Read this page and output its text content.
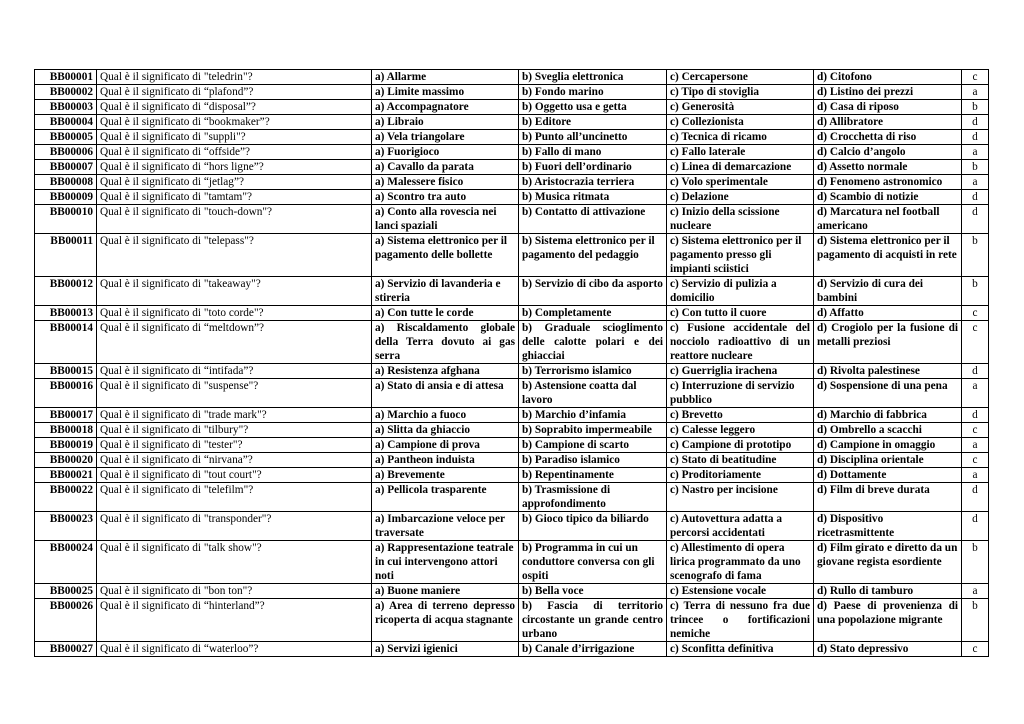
BB00001	Qual è il significato di "teledrin"?	a) Allarme	b) Sveglia elettronica	c) Cercapersone	d) Citofono	c
BB00002	Qual è il significato di “plafond”?	a) Limite massimo	b) Fondo marino	c) Tipo di stoviglia	d) Listino dei prezzi	a
BB00003	Qual è il significato di “disposal”?	a) Accompagnatore	b) Oggetto usa e getta	c) Generosità	d) Casa di riposo	b
BB00004	Qual è il significato di “bookmaker”?	a) Libraio	b) Editore	c) Collezionista	d) Allibratore	d
BB00005	Qual è il significato di "suppli"?	a) Vela triangolare	b) Punto all’uncinetto	c) Tecnica di ricamo	d) Crocchetta di riso	d
BB00006	Qual è il significato di “offside”?	a) Fuorigioco	b) Fallo di mano	c) Fallo laterale	d) Calcio d’angolo	a
BB00007	Qual è il significato di “hors ligne”?	a) Cavallo da parata	b) Fuori dell’ordinario	c) Linea di demarcazione	d) Assetto normale	b
BB00008	Qual è il significato di “jetlag”?	a) Malessere fisico	b) Aristocrazia terriera	c) Volo sperimentale	d) Fenomeno astronomico	a
BB00009	Qual è il significato di "tamtam"?	a) Scontro tra auto	b) Musica ritmata	c) Delazione	d) Scambio di notizie	d
BB00010	Qual è il significato di "touch-down"?	a) Conto alla rovescia nei lanci spaziali	b) Contatto di attivazione	c) Inizio della scissione nucleare	d) Marcatura nel football americano	d
BB00011	Qual è il significato di "telepass"?	a) Sistema elettronico per il pagamento delle bollette	b) Sistema elettronico per il pagamento del pedaggio	c) Sistema elettronico per il pagamento presso gli impianti sciistici	d) Sistema elettronico per il pagamento di acquisti in rete	b
BB00012	Qual è il significato di "takeaway"?	a) Servizio di lavanderia e stireria	b) Servizio di cibo da asporto	c) Servizio di pulizia a domicilio	d) Servizio di cura dei bambini	b
BB00013	Qual è il significato di "toto corde"?	a) Con tutte le corde	b) Completamente	c) Con tutto il cuore	d) Affatto	c
BB00014	Qual è il significato di “meltdown”?	a) Riscaldamento globale della Terra dovuto ai gas serra	b) Graduale scioglimento delle calotte polari e dei ghiacciai	c) Fusione accidentale del nocciolo radioattivo di un reattore nucleare	d) Crogiolo per la fusione di metalli preziosi	c
BB00015	Qual è il significato di “intifada”?	a) Resistenza afghana	b) Terrorismo islamico	c) Guerriglia irachena	d) Rivolta palestinese	d
BB00016	Qual è il significato di "suspense"?	a) Stato di ansia e di attesa	b) Astensione coatta dal lavoro	c) Interruzione di servizio pubblico	d) Sospensione di una pena	a
BB00017	Qual è il significato di "trade mark"?	a) Marchio a fuoco	b) Marchio d’infamia	c) Brevetto	d) Marchio di fabbrica	d
BB00018	Qual è il significato di "tilbury"?	a) Slitta da ghiaccio	b) Soprabito impermeabile	c) Calesse leggero	d) Ombrello a scacchi	c
BB00019	Qual è il significato di "tester"?	a) Campione di prova	b) Campione di scarto	c) Campione di prototipo	d) Campione in omaggio	a
BB00020	Qual è il significato di “nirvana”?	a) Pantheon induista	b) Paradiso islamico	c) Stato di beatitudine	d) Disciplina orientale	c
BB00021	Qual è il significato di "tout court"?	a) Brevemente	b) Repentinamente	c) Proditoriamente	d) Dottamente	a
BB00022	Qual è il significato di "telefilm"?	a) Pellicola trasparente	b) Trasmissione di approfondimento	c) Nastro per incisione	d) Film di breve durata	d
BB00023	Qual è il significato di "transponder"?	a) Imbarcazione veloce per traversate	b) Gioco tipico da biliardo	c) Autovettura adatta a percorsi accidentati	d) Dispositivo ricetrasmittente	d
BB00024	Qual è il significato di "talk show"?	a) Rappresentazione teatrale in cui intervengono attori noti	b) Programma in cui un conduttore conversa con gli ospiti	c) Allestimento di opera lirica programmato da uno scenografo di fama	d) Film girato e diretto da un giovane regista esordiente	b
BB00025	Qual è il significato di "bon ton"?	a) Buone maniere	b) Bella voce	c) Estensione vocale	d) Rullo di tamburo	a
BB00026	Qual è il significato di “hinterland”?	a) Area di terreno depresso ricoperta di acqua stagnante	b) Fascia di territorio circostante un grande centro urbano	c) Terra di nessuno fra due trincee o fortificazioni nemiche	d) Paese di provenienza di una popolazione migrante	b
BB00027	Qual è il significato di “waterloo”?	a) Servizi igienici	b) Canale d’irrigazione	c) Sconfitta definitiva	d) Stato depressivo	c
